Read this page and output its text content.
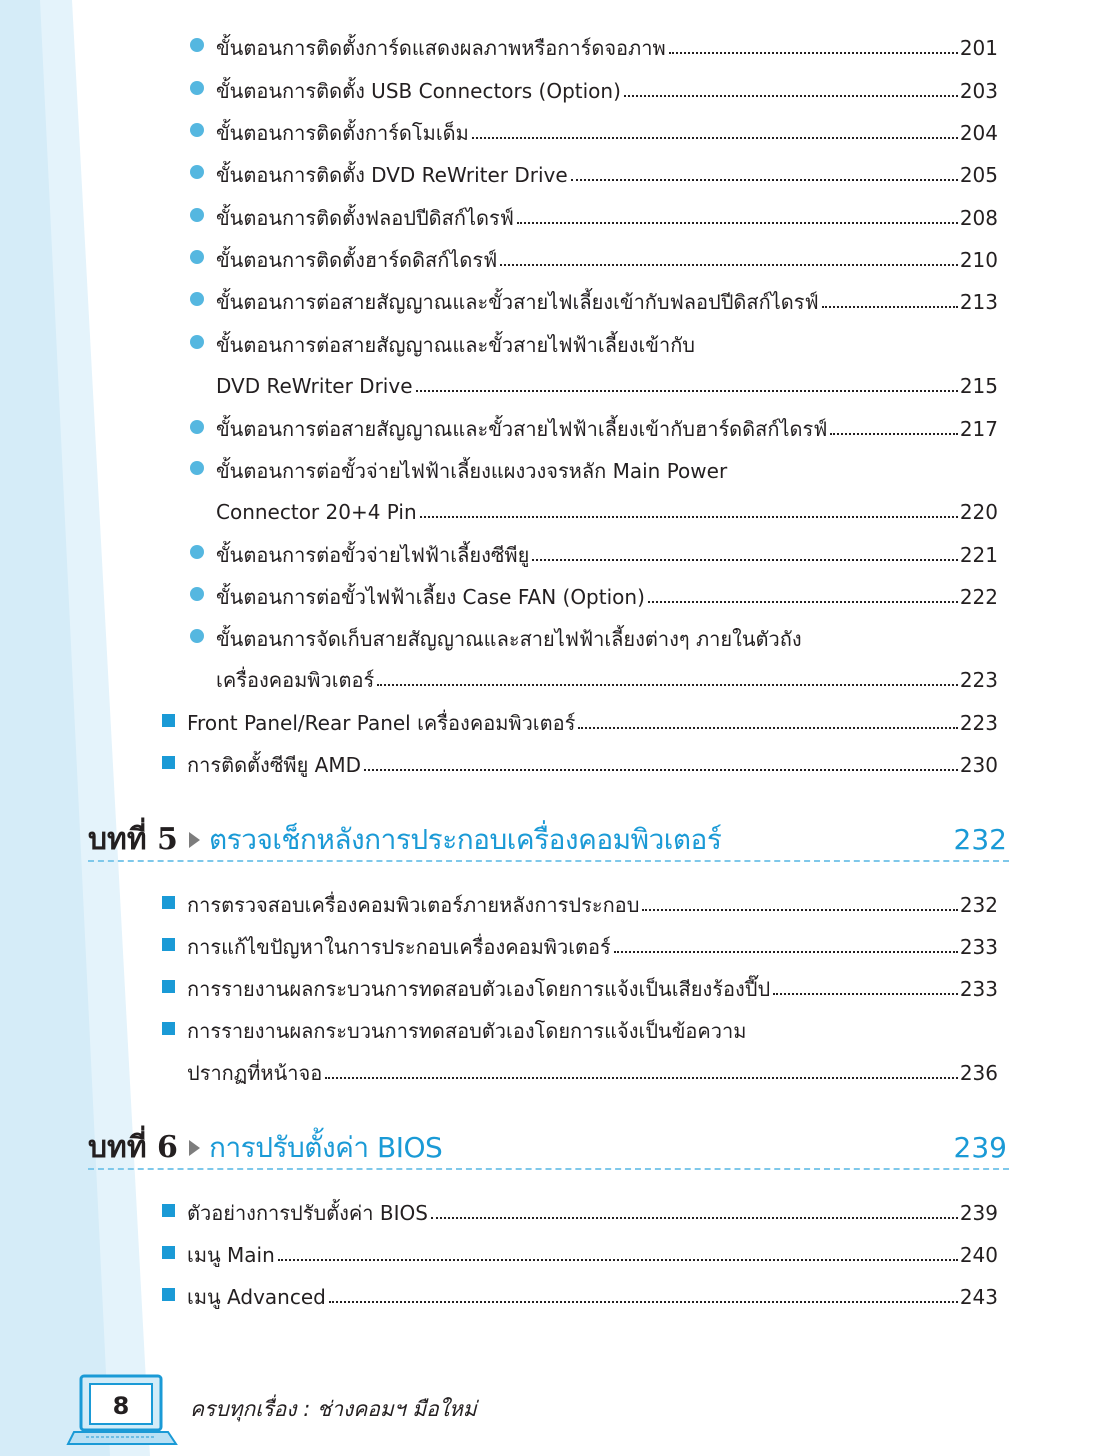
ขั้นตอนการติดตั้งการ์ดแสดงผลภาพหรือการ์ดจอภาพ	201
ขั้นตอนการติดตั้ง USB Connectors (Option)	203
ขั้นตอนการติดตั้งการ์ดโมเด็ม	204
ขั้นตอนการติดตั้ง DVD ReWriter Drive	205
ขั้นตอนการติดตั้งฟลอปปีดิสก์ไดรฟ์	208
ขั้นตอนการติดตั้งฮาร์ดดิสก์ไดรฟ์	210
ขั้นตอนการต่อสายสัญญาณและขั้วสายไฟเลี้ยงเข้ากับฟลอปปีดิสก์ไดรฟ์	213
ขั้นตอนการต่อสายสัญญาณและขั้วสายไฟฟ้าเลี้ยงเข้ากับ
DVD ReWriter Drive	215
ขั้นตอนการต่อสายสัญญาณและขั้วสายไฟฟ้าเลี้ยงเข้ากับฮาร์ดดิสก์ไดรฟ์	217
ขั้นตอนการต่อขั้วจ่ายไฟฟ้าเลี้ยงแผงวงจรหลัก Main Power
Connector 20+4 Pin	220
ขั้นตอนการต่อขั้วจ่ายไฟฟ้าเลี้ยงซีพียู	221
ขั้นตอนการต่อขั้วไฟฟ้าเลี้ยง Case FAN (Option)	222
ขั้นตอนการจัดเก็บสายสัญญาณและสายไฟฟ้าเลี้ยงต่างๆ ภายในตัวถัง
เครื่องคอมพิวเตอร์	223
Front Panel/Rear Panel เครื่องคอมพิวเตอร์	223
การติดตั้งซีพียู AMD	230
บทที่ 5 ตรวจเช็กหลังการประกอบเครื่องคอมพิวเตอร์	232
การตรวจสอบเครื่องคอมพิวเตอร์ภายหลังการประกอบ	232
การแก้ไขปัญหาในการประกอบเครื่องคอมพิวเตอร์	233
การรายงานผลกระบวนการทดสอบตัวเองโดยการแจ้งเป็นเสียงร้องปี๊ป	233
การรายงานผลกระบวนการทดสอบตัวเองโดยการแจ้งเป็นข้อความ
ปรากฏที่หน้าจอ	236
บทที่ 6 การปรับตั้งค่า BIOS	239
ตัวอย่างการปรับตั้งค่า BIOS	239
เมนู Main	240
เมนู Advanced	243
8	ครบทุกเรื่อง : ช่างคอมฯ มือใหม่
